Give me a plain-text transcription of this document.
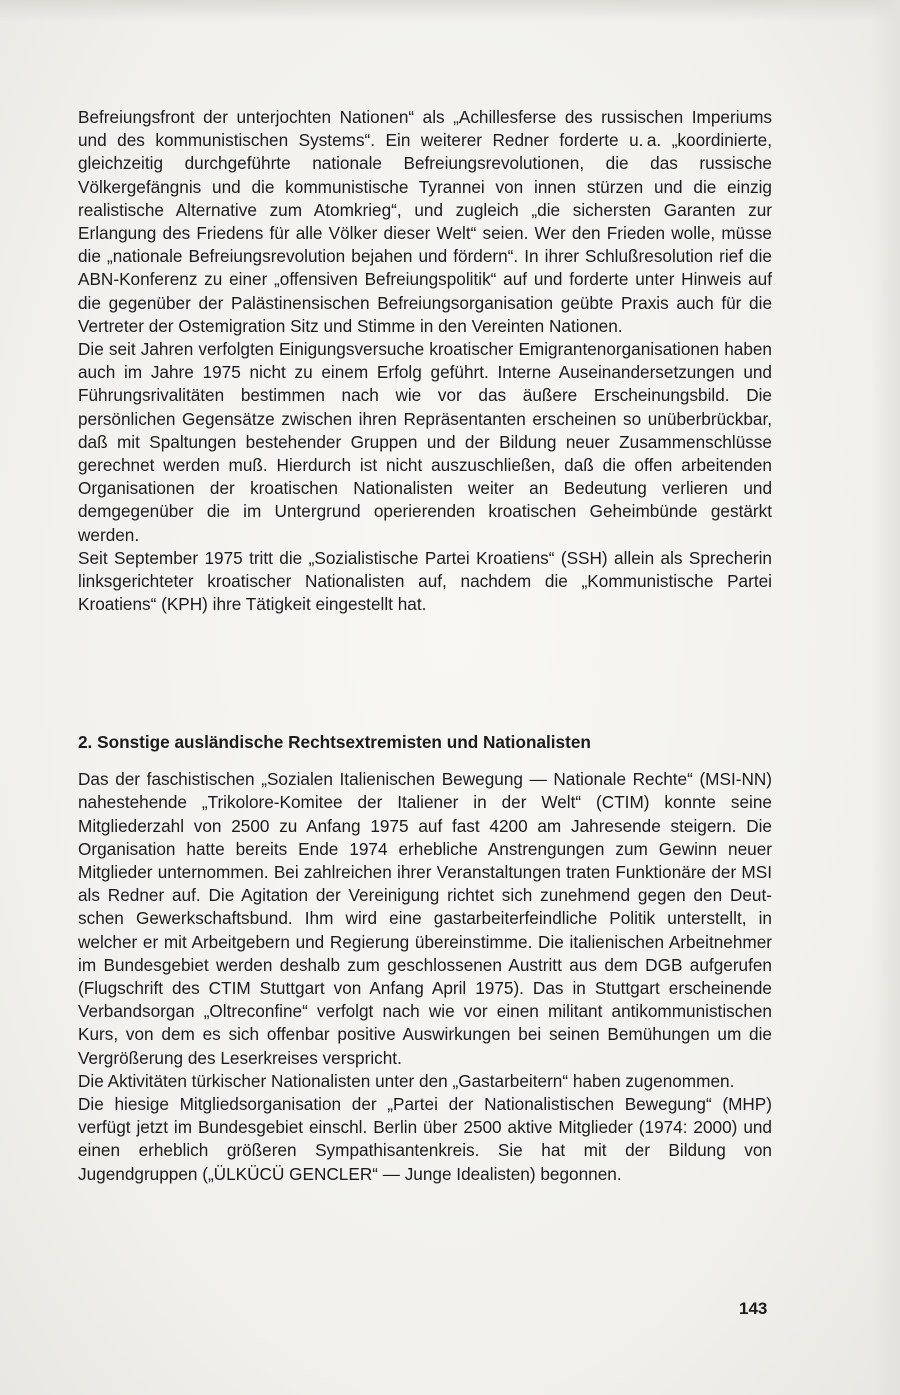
Befreiungsfront der unterjochten Nationen“ als „Achillesferse des russischen Imperiums und des kommunistischen Systems“. Ein weiterer Redner forderte u. a. „koordinierte, gleichzeitig durchgeführte nationale Befreiungsrevolutionen, die das russische Völkergefängnis und die kommunistische Tyrannei von innen stürzen und die einzig realistische Alternative zum Atomkrieg“, und zugleich „die sichersten Garanten zur Erlangung des Friedens für alle Völker dieser Welt“ seien. Wer den Frieden wolle, müsse die „nationale Befreiungsrevolution bejahen und fördern“. In ihrer Schlußresolution rief die ABN-Konferenz zu einer „offensiven Befreiungspolitik“ auf und forderte unter Hinweis auf die gegenüber der Palästinensischen Befreiungsorganisation geübte Praxis auch für die Vertreter der Ostemigration Sitz und Stimme in den Vereinten Nationen.

Die seit Jahren verfolgten Einigungsversuche kroatischer Emigrantenorganisationen haben auch im Jahre 1975 nicht zu einem Erfolg geführt. Interne Auseinandersetzungen und Führungsrivalitäten bestimmen nach wie vor das äußere Erscheinungsbild. Die persönlichen Gegensätze zwischen ihren Repräsentanten erscheinen so unüberbrückbar, daß mit Spaltungen bestehender Gruppen und der Bildung neuer Zusammenschlüsse gerechnet werden muß. Hierdurch ist nicht auszuschließen, daß die offen arbeitenden Organisationen der kroatischen Nationalisten weiter an Bedeutung verlieren und demgegenüber die im Untergrund operierenden kroatischen Geheimbünde gestärkt werden.

Seit September 1975 tritt die „Sozialistische Partei Kroatiens“ (SSH) allein als Sprecherin linksgerichteter kroatischer Nationalisten auf, nachdem die „Kommunistische Partei Kroatiens“ (KPH) ihre Tätigkeit eingestellt hat.

2. Sonstige ausländische Rechtsextremisten und Nationalisten

Das der faschistischen „Sozialen Italienischen Bewegung — Nationale Rechte“ (MSI-NN) nahestehende „Trikolore-Komitee der Italiener in der Welt“ (CTIM) konnte seine Mitgliederzahl von 2500 zu Anfang 1975 auf fast 4200 am Jahresende steigern. Die Organisation hatte bereits Ende 1974 erhebliche Anstrengungen zum Gewinn neuer Mitglieder unternommen. Bei zahlreichen ihrer Veranstaltungen traten Funktionäre der MSI als Redner auf. Die Agitation der Vereinigung richtet sich zunehmend gegen den Deutschen Gewerkschaftsbund. Ihm wird eine gastarbeiterfeindliche Politik unterstellt, in welcher er mit Arbeitgebern und Regierung übereinstimme. Die italienischen Arbeitnehmer im Bundesgebiet werden deshalb zum geschlossenen Austritt aus dem DGB aufgerufen (Flugschrift des CTIM Stuttgart von Anfang April 1975). Das in Stuttgart erscheinende Verbandsorgan „Oltreconfine“ verfolgt nach wie vor einen militant antikommunistischen Kurs, von dem es sich offenbar positive Auswirkungen bei seinen Bemühungen um die Vergrößerung des Leserkreises verspricht.

Die Aktivitäten türkischer Nationalisten unter den „Gastarbeitern“ haben zugenommen.

Die hiesige Mitgliedsorganisation der „Partei der Nationalistischen Bewegung“ (MHP) verfügt jetzt im Bundesgebiet einschl. Berlin über 2500 aktive Mitglieder (1974: 2000) und einen erheblich größeren Sympathisantenkreis. Sie hat mit der Bildung von Jugendgruppen („ÜLKÜCÜ GENCLER“ — Junge Idealisten) begonnen.

143
